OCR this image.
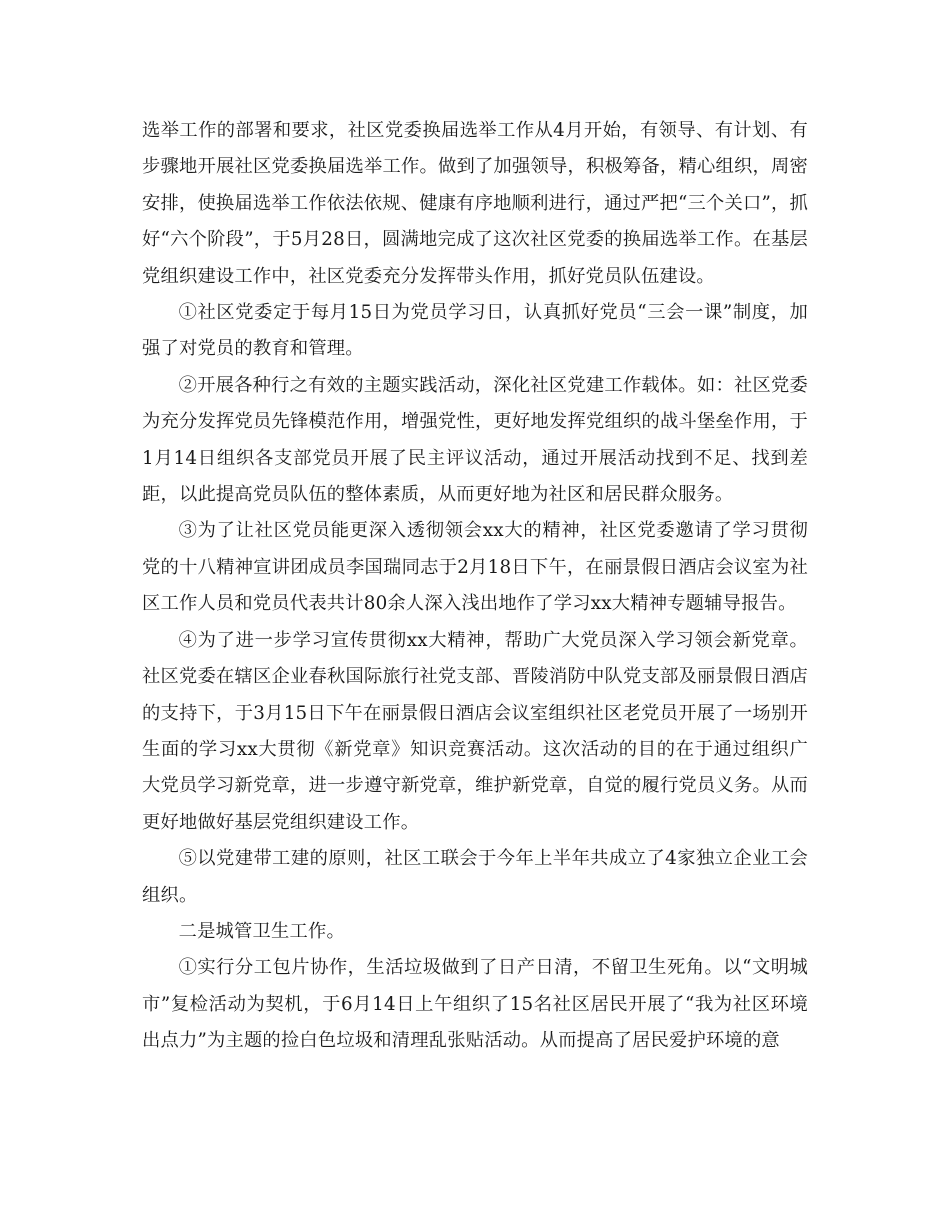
选举工作的部署和要求，社区党委换届选举工作从4月开始，有领导、有计划、有步骤地开展社区党委换届选举工作。做到了加强领导，积极筹备，精心组织，周密安排，使换届选举工作依法依规、健康有序地顺利进行，通过严把“三个关口”，抓好“六个阶段”，于5月28日，圆满地完成了这次社区党委的换届选举工作。在基层党组织建设工作中，社区党委充分发挥带头作用，抓好党员队伍建设。

①社区党委定于每月15日为党员学习日，认真抓好党员“三会一课”制度，加强了对党员的教育和管理。

②开展各种行之有效的主题实践活动，深化社区党建工作载体。如：社区党委为充分发挥党员先锋模范作用，增强党性，更好地发挥党组织的战斗堡垒作用，于1月14日组织各支部党员开展了民主评议活动，通过开展活动找到不足、找到差距，以此提高党员队伍的整体素质，从而更好地为社区和居民群众服务。

③为了让社区党员能更深入透彻领会xx大的精神，社区党委邀请了学习贯彻党的十八精神宣讲团成员李国瑞同志于2月18日下午，在丽景假日酒店会议室为社区工作人员和党员代表共计80余人深入浅出地作了学习xx大精神专题辅导报告。

④为了进一步学习宣传贯彻xx大精神，帮助广大党员深入学习领会新党章。社区党委在辖区企业春秋国际旅行社党支部、晋陵消防中队党支部及丽景假日酒店的支持下，于3月15日下午在丽景假日酒店会议室组织社区老党员开展了一场别开生面的学习xx大贯彻《新党章》知识竞赛活动。这次活动的目的在于通过组织广大党员学习新党章，进一步遵守新党章，维护新党章，自觉的履行党员义务。从而更好地做好基层党组织建设工作。

⑤以党建带工建的原则，社区工联会于今年上半年共成立了4家独立企业工会组织。

二是城管卫生工作。

①实行分工包片协作，生活垃圾做到了日产日清，不留卫生死角。以“文明城市”复检活动为契机，于6月14日上午组织了15名社区居民开展了“我为社区环境出点力”为主题的捡白色垃圾和清理乱张贴活动。从而提高了居民爱护环境的意
